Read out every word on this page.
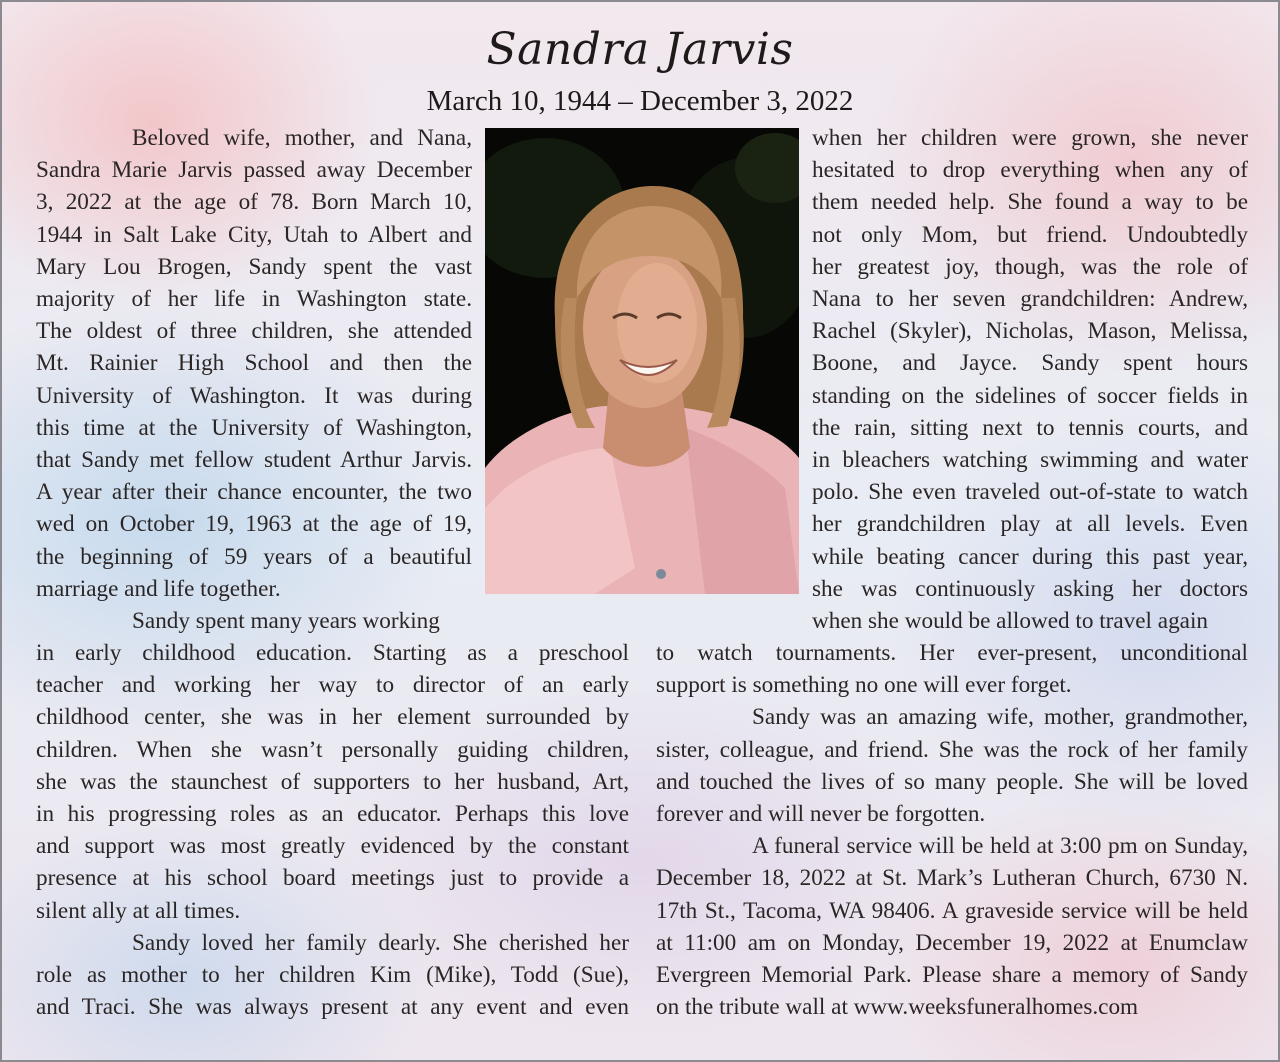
Sandra Jarvis
March 10, 1944 – December 3, 2022
Beloved wife, mother, and Nana,
Sandra Marie Jarvis passed away December
3, 2022 at the age of 78. Born March 10,
1944 in Salt Lake City, Utah to Albert and
Mary Lou Brogen, Sandy spent the vast
majority of her life in Washington state.
The oldest of three children, she attended
Mt. Rainier High School and then the
University of Washington. It was during
this time at the University of Washington,
that Sandy met fellow student Arthur Jarvis.
A year after their chance encounter, the two
wed on October 19, 1963 at the age of 19,
the beginning of 59 years of a beautiful
marriage and life together.
Sandy spent many years working
when her children were grown, she never
hesitated to drop everything when any of
them needed help. She found a way to be
not only Mom, but friend. Undoubtedly
her greatest joy, though, was the role of
Nana to her seven grandchildren: Andrew,
Rachel (Skyler), Nicholas, Mason, Melissa,
Boone, and Jayce. Sandy spent hours
standing on the sidelines of soccer fields in
the rain, sitting next to tennis courts, and
in bleachers watching swimming and water
polo. She even traveled out-of-state to watch
her grandchildren play at all levels. Even
while beating cancer during this past year,
she was continuously asking her doctors
when she would be allowed to travel again
in early childhood education. Starting as a preschool
teacher and working her way to director of an early
childhood center, she was in her element surrounded by
children. When she wasn’t personally guiding children,
she was the staunchest of supporters to her husband, Art,
in his progressing roles as an educator. Perhaps this love
and support was most greatly evidenced by the constant
presence at his school board meetings just to provide a
silent ally at all times.
Sandy loved her family dearly. She cherished her
role as mother to her children Kim (Mike), Todd (Sue),
and Traci. She was always present at any event and even
to watch tournaments. Her ever-present, unconditional
support is something no one will ever forget.
Sandy was an amazing wife, mother, grandmother,
sister, colleague, and friend. She was the rock of her family
and touched the lives of so many people. She will be loved
forever and will never be forgotten.
A funeral service will be held at 3:00 pm on Sunday,
December 18, 2022 at St. Mark’s Lutheran Church, 6730 N.
17th St., Tacoma, WA 98406. A graveside service will be held
at 11:00 am on Monday, December 19, 2022 at Enumclaw
Evergreen Memorial Park. Please share a memory of Sandy
on the tribute wall at www.weeksfuneralhomes.com
